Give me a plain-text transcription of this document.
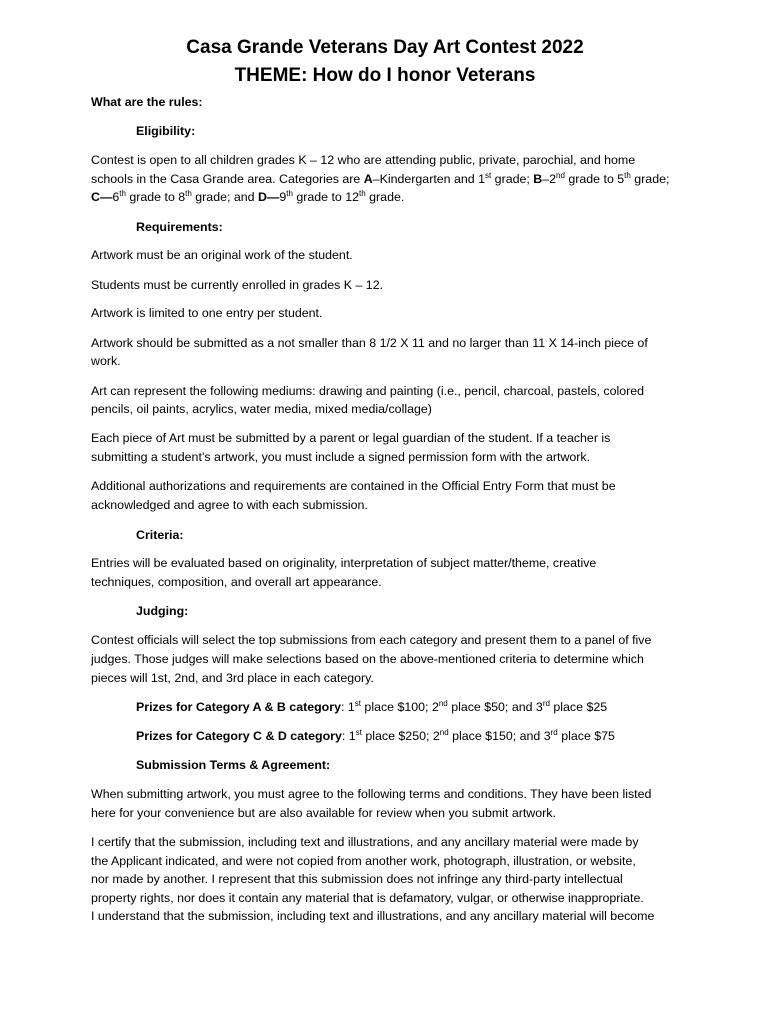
Casa Grande Veterans Day Art Contest 2022
THEME: How do I honor Veterans
What are the rules:
Eligibility:
Contest is open to all children grades K – 12 who are attending public, private, parochial, and home
schools in the Casa Grande area. Categories are A–Kindergarten and 1st grade; B–2nd grade to 5th grade;
C—6th grade to 8th grade; and D—9th grade to 12th grade.
Requirements:
Artwork must be an original work of the student.
Students must be currently enrolled in grades K – 12.
Artwork is limited to one entry per student.
Artwork should be submitted as a not smaller than 8 1/2 X 11 and no larger than 11 X 14-inch piece of
work.
Art can represent the following mediums: drawing and painting (i.e., pencil, charcoal, pastels, colored
pencils, oil paints, acrylics, water media, mixed media/collage)
Each piece of Art must be submitted by a parent or legal guardian of the student. If a teacher is
submitting a student’s artwork, you must include a signed permission form with the artwork.
Additional authorizations and requirements are contained in the Official Entry Form that must be
acknowledged and agree to with each submission.
Criteria:
Entries will be evaluated based on originality, interpretation of subject matter/theme, creative
techniques, composition, and overall art appearance.
Judging:
Contest officials will select the top submissions from each category and present them to a panel of five
judges. Those judges will make selections based on the above-mentioned criteria to determine which
pieces will 1st, 2nd, and 3rd place in each category.
Prizes for Category A & B category: 1st place $100; 2nd place $50; and 3rd place $25
Prizes for Category C & D category: 1st place $250; 2nd place $150; and 3rd place $75
Submission Terms & Agreement:
When submitting artwork, you must agree to the following terms and conditions. They have been listed
here for your convenience but are also available for review when you submit artwork.
I certify that the submission, including text and illustrations, and any ancillary material were made by
the Applicant indicated, and were not copied from another work, photograph, illustration, or website,
nor made by another. I represent that this submission does not infringe any third-party intellectual
property rights, nor does it contain any material that is defamatory, vulgar, or otherwise inappropriate.
I understand that the submission, including text and illustrations, and any ancillary material will become
